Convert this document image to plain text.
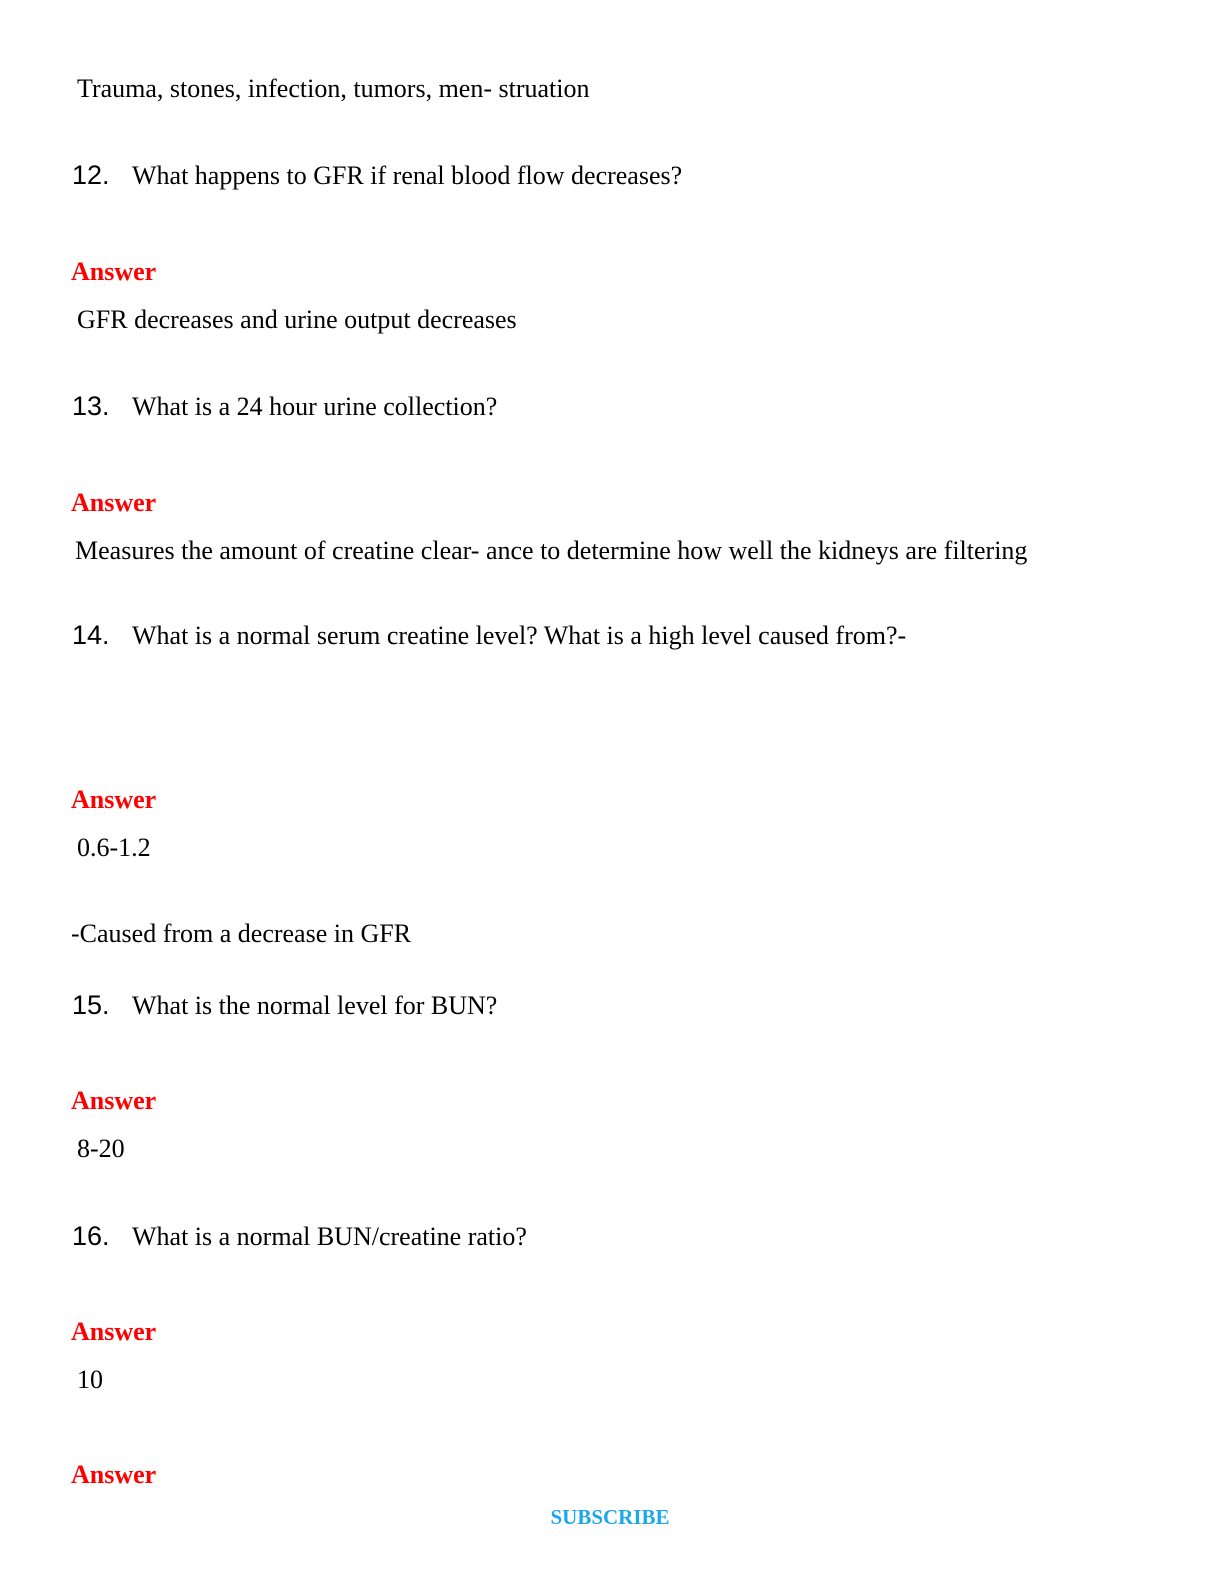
Trauma, stones, infection, tumors, men- struation
12. What happens to GFR if renal blood flow decreases?
Answer
GFR decreases and urine output decreases
13. What is a 24 hour urine collection?
Answer
Measures the amount of creatine clear- ance to determine how well the kidneys are filtering
14. What is a normal serum creatine level? What is a high level caused from?-
Answer
0.6-1.2
-Caused from a decrease in GFR
15. What is the normal level for BUN?
Answer
8-20
16. What is a normal BUN/creatine ratio?
Answer
10
Answer
SUBSCRIBE
